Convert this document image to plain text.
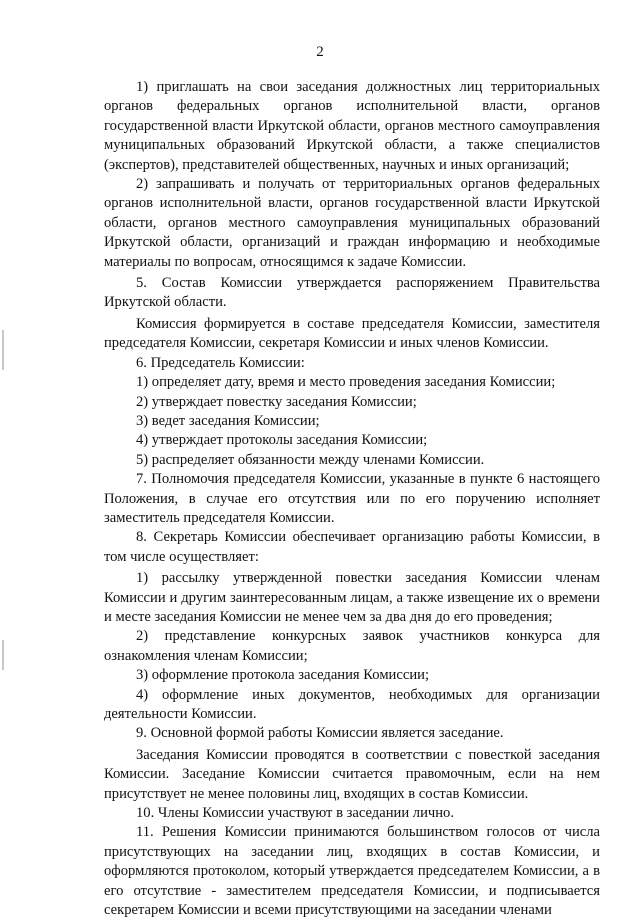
2

1) приглашать на свои заседания должностных лиц территориальных органов федеральных органов исполнительной власти, органов государственной власти Иркутской области, органов местного самоуправления муниципальных образований Иркутской области, а также специалистов (экспертов), представителей общественных, научных и иных организаций;

2) запрашивать и получать от территориальных органов федеральных органов исполнительной власти, органов государственной власти Иркутской области, органов местного самоуправления муниципальных образований Иркутской области, организаций и граждан информацию и необходимые материалы по вопросам, относящимся к задаче Комиссии.

5. Состав Комиссии утверждается распоряжением Правительства Иркутской области.

Комиссия формируется в составе председателя Комиссии, заместителя председателя Комиссии, секретаря Комиссии и иных членов Комиссии.

6. Председатель Комиссии:

1) определяет дату, время и место проведения заседания Комиссии;

2) утверждает повестку заседания Комиссии;

3) ведет заседания Комиссии;

4) утверждает протоколы заседания Комиссии;

5) распределяет обязанности между членами Комиссии.

7. Полномочия председателя Комиссии, указанные в пункте 6 настоящего Положения, в случае его отсутствия или по его поручению исполняет заместитель председателя Комиссии.

8. Секретарь Комиссии обеспечивает организацию работы Комиссии, в том числе осуществляет:

1) рассылку утвержденной повестки заседания Комиссии членам Комиссии и другим заинтересованным лицам, а также извещение их о времени и месте заседания Комиссии не менее чем за два дня до его проведения;

2) представление конкурсных заявок участников конкурса для ознакомления членам Комиссии;

3) оформление протокола заседания Комиссии;

4) оформление иных документов, необходимых для организации деятельности Комиссии.

9. Основной формой работы Комиссии является заседание.

Заседания Комиссии проводятся в соответствии с повесткой заседания Комиссии. Заседание Комиссии считается правомочным, если на нем присутствует не менее половины лиц, входящих в состав Комиссии.

10. Члены Комиссии участвуют в заседании лично.

11. Решения Комиссии принимаются большинством голосов от числа присутствующих на заседании лиц, входящих в состав Комиссии, и оформляются протоколом, который утверждается председателем Комиссии, а в его отсутствие - заместителем председателя Комиссии, и подписывается секретарем Комиссии и всеми присутствующими на заседании членами
